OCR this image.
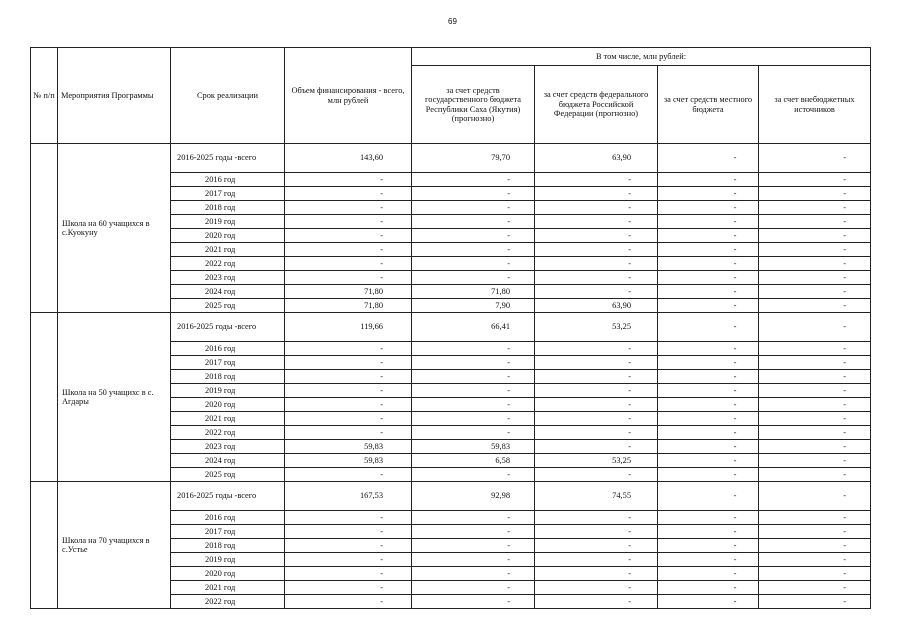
69
№ п/п	Мероприятия Программы	Срок реализации	Объем финансирования - всего, млн рублей	В том числе, млн рублей:			
				за счет средств государственного бюджета Республики Саха (Якутия) (прогнозно)	за счет средств федерального бюджета Российской Федерации (прогнозно)	за счет средств местного бюджета	за счет внебюджетных источников
	Школа на 60 учащихся в с.Куокуну	2016-2025 годы -всего	143,60	79,70	63,90	-	-
		2016 год	-	-	-	-	-
		2017 год	-	-	-	-	-
		2018 год	-	-	-	-	-
		2019 год	-	-	-	-	-
		2020 год	-	-	-	-	-
		2021 год	-	-	-	-	-
		2022 год	-	-	-	-	-
		2023 год	-	-	-	-	-
		2024 год	71,80	71,80	-	-	-
		2025 год	71,80	7,90	63,90	-	-
	Школа на 50 учащихс в с. Агдары	2016-2025 годы -всего	119,66	66,41	53,25	-	-
		2016 год	-	-	-	-	-
		2017 год	-	-	-	-	-
		2018 год	-	-	-	-	-
		2019 год	-	-	-	-	-
		2020 год	-	-	-	-	-
		2021 год	-	-	-	-	-
		2022 год	-	-	-	-	-
		2023 год	59,83	59,83	-	-	-
		2024 год	59,83	6,58	53,25	-	-
		2025 год	-	-	-	-	-
	Школа на 70 учащихся в с.Устье	2016-2025 годы -всего	167,53	92,98	74,55	-	-
		2016 год	-	-	-	-	-
		2017 год	-	-	-	-	-
		2018 год	-	-	-	-	-
		2019 год	-	-	-	-	-
		2020 год	-	-	-	-	-
		2021 год	-	-	-	-	-
		2022 год	-	-	-	-	-
